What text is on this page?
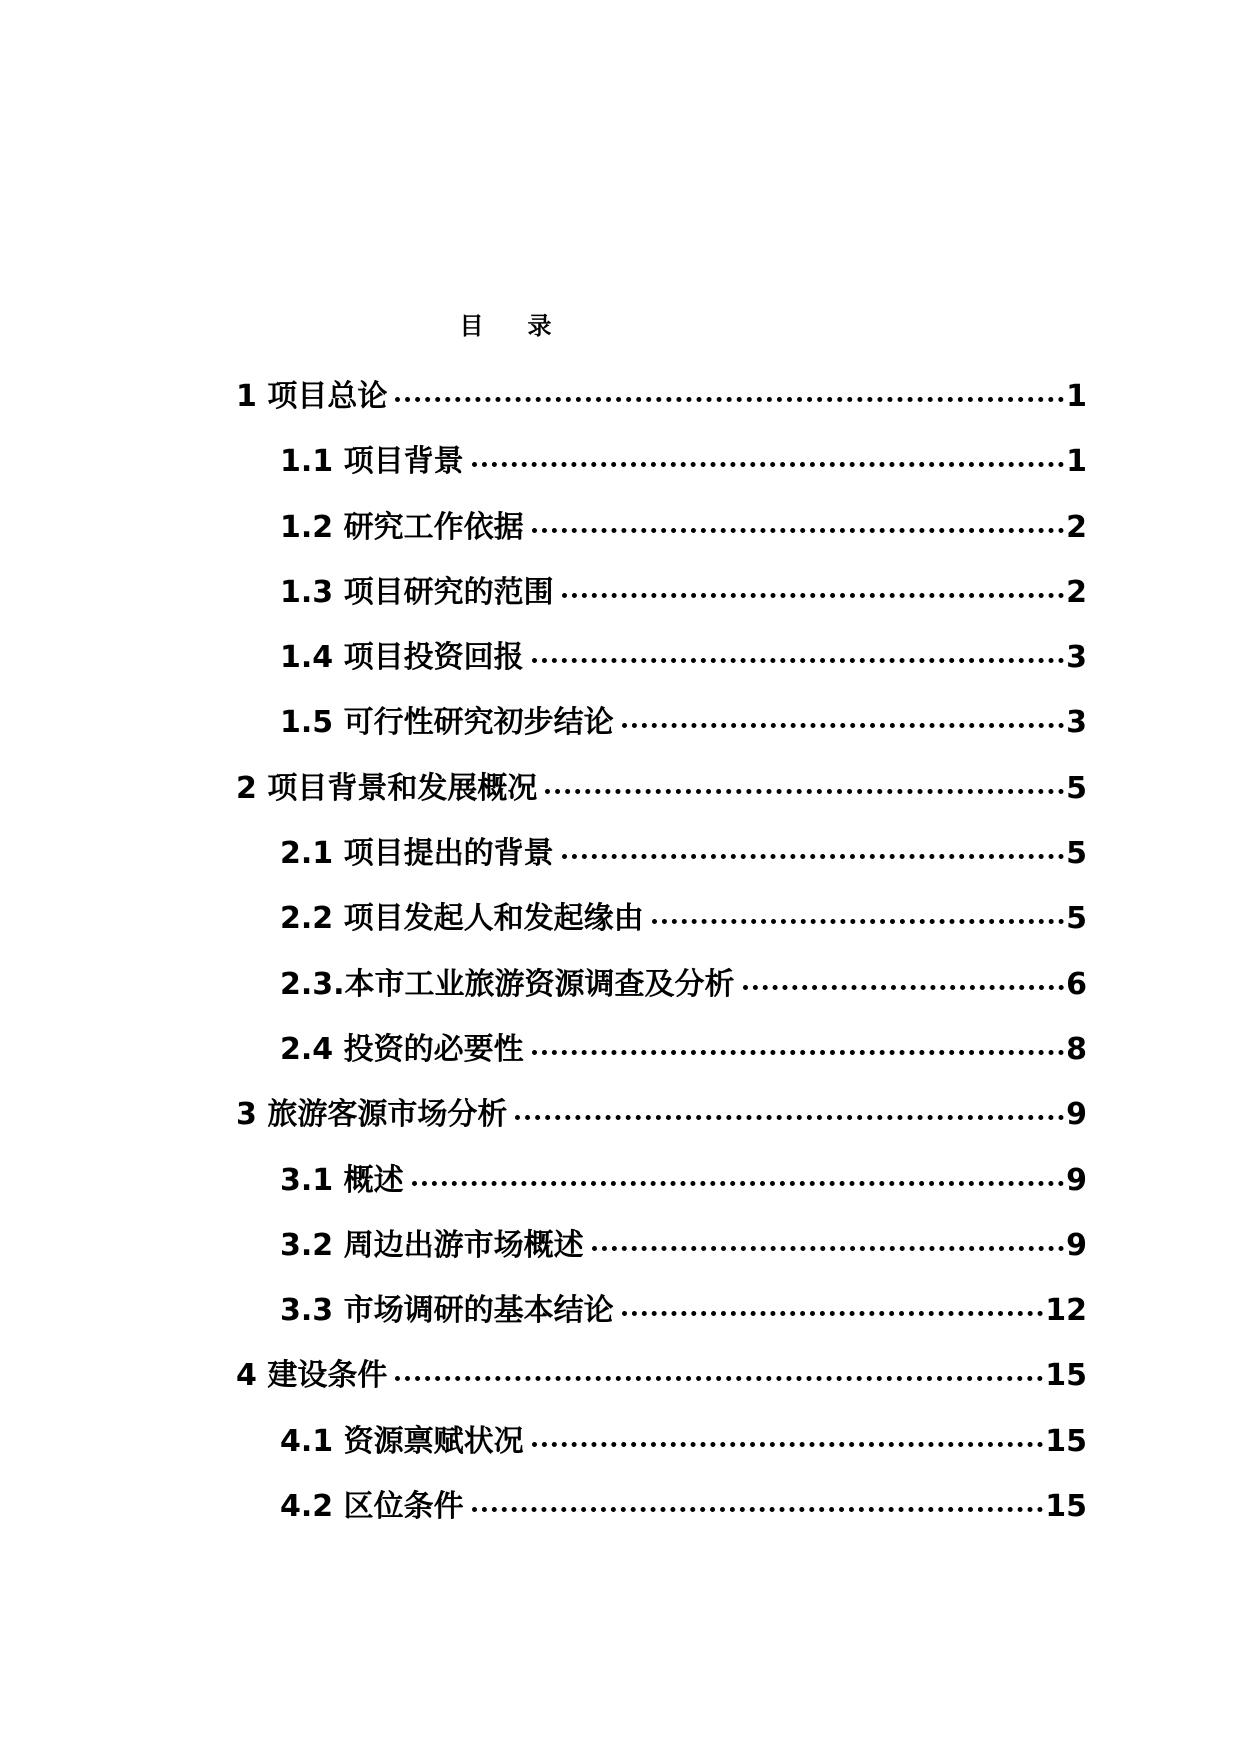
目 录
1 项目总论	1
1.1 项目背景	1
1.2 研究工作依据	2
1.3 项目研究的范围	2
1.4 项目投资回报	3
1.5 可行性研究初步结论	3
2 项目背景和发展概况	5
2.1 项目提出的背景	5
2.2 项目发起人和发起缘由	5
2.3.本市工业旅游资源调查及分析	6
2.4 投资的必要性	8
3 旅游客源市场分析	9
3.1 概述	9
3.2 周边出游市场概述	9
3.3 市场调研的基本结论	12
4 建设条件	15
4.1 资源禀赋状况	15
4.2 区位条件	15
